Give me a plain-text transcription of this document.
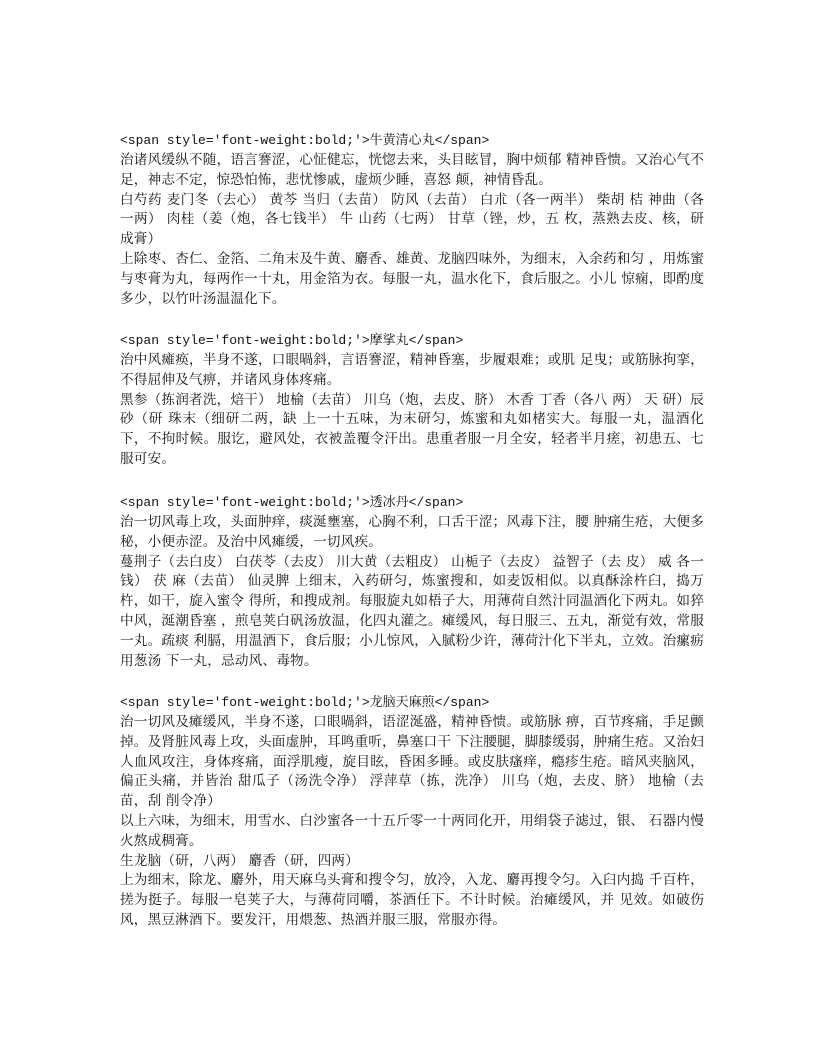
<span style='font-weight:bold;'>牛黄清心丸</span>

治诸风缓纵不随，语言謇涩，心怔健忘，恍惚去来，头目眩冒，胸中烦郁 精神昏愦。又治心气不足，神志不定，惊恐怕怖，悲忧惨戚，虚烦少睡，喜怒 颠，神情昏乱。

白芍药 麦门冬（去心） 黄芩 当归（去苗） 防风（去苗） 白朮（各一两半） 柴胡 桔 神曲（各一两） 肉桂（姜（炮，各七钱半） 牛 山药（七两） 甘草（锉，炒，五 枚，蒸熟去皮、核，研成膏）

上除枣、杏仁、金箔、二角末及牛黄、麝香、雄黄、龙脑四味外，为细末，入余药和匀 ，用炼蜜与枣膏为丸，每两作一十丸，用金箔为衣。每服一丸，温水化下，食后服之。小儿 惊痫，即酌度多少，以竹叶汤温温化下。

<span style='font-weight:bold;'>摩挲丸</span>

治中风瘫痪，半身不遂，口眼喎斜，言语謇涩，精神昏塞，步履艰难；或肌 足曳；或筋脉拘挛，不得屈伸及气痹，并诸风身体疼痛。

黑参（拣润者洗，焙干） 地榆（去苗） 川乌（炮，去皮、脐） 木香 丁香（各八 两） 天 研）辰砂（研 珠末（细研二两，缺 上一十五味，为末研匀，炼蜜和丸如楮实大。每服一丸，温酒化下，不拘时候。服讫，避风处，衣被盖覆令汗出。患重者服一月全安，轻者半月瘥，初患五、七服可安。

<span style='font-weight:bold;'>透冰丹</span>

治一切风毒上攻，头面肿痒，痰涎壅塞，心胸不利，口舌干涩；风毒下注，腰 肿痛生疮，大便多秘，小便赤涩。及治中风瘫缓，一切风疾。

蔓荆子（去白皮） 白茯苓（去皮） 川大黄（去粗皮） 山栀子（去皮） 益智子（去 皮） 威 各一钱） 茯 麻（去苗） 仙灵脾 上细末，入药研匀，炼蜜搜和，如麦饭相似。以真酥涂杵臼，捣万杵，如干，旋入蜜令 得所，和搜成剂。每服旋丸如梧子大，用薄荷自然汁同温酒化下两丸。如猝中风，涎潮昏塞 ，煎皂荚白矾汤放温，化四丸灌之。瘫缓风，每日服三、五丸，渐觉有效，常服一丸。疏痰 利膈，用温酒下，食后服；小儿惊风，入腻粉少许，薄荷汁化下半丸，立效。治瘰疬用葱汤 下一丸，忌动风、毒物。

<span style='font-weight:bold;'>龙脑天麻煎</span>

治一切风及瘫缓风，半身不遂，口眼喎斜，语涩涎盛，精神昏愦。或筋脉 痹，百节疼痛，手足颤掉。及肾脏风毒上攻，头面虚肿，耳鸣重听，鼻塞口干 下注腰腿，脚膝缓弱，肿痛生疮。又治妇人血风攻注，身体疼痛，面浮肌瘦，旋目眩，昏困多睡。或皮肤瘙痒，瘾疹生疮。暗风夹脑风，偏正头痛，并皆治 甜瓜子（汤洗令净） 浮萍草（拣，洗净） 川乌（炮，去皮、脐） 地榆（去苗，刮 削令净）

以上六味，为细末，用雪水、白沙蜜各一十五斤零一十两同化开，用绢袋子滤过，银、 石器内慢火熬成稠膏。

生龙脑（研，八两） 麝香（研，四两）

上为细末，除龙、麝外，用天麻乌头膏和搜令匀，放冷，入龙、麝再搜令匀。入臼内捣 千百杵，搓为挺子。每服一皂荚子大，与薄荷同嚼，茶酒任下。不计时候。治瘫缓风，并 见效。如破伤风，黑豆淋酒下。要发汗，用煨葱、热酒并服三服，常服亦得。
